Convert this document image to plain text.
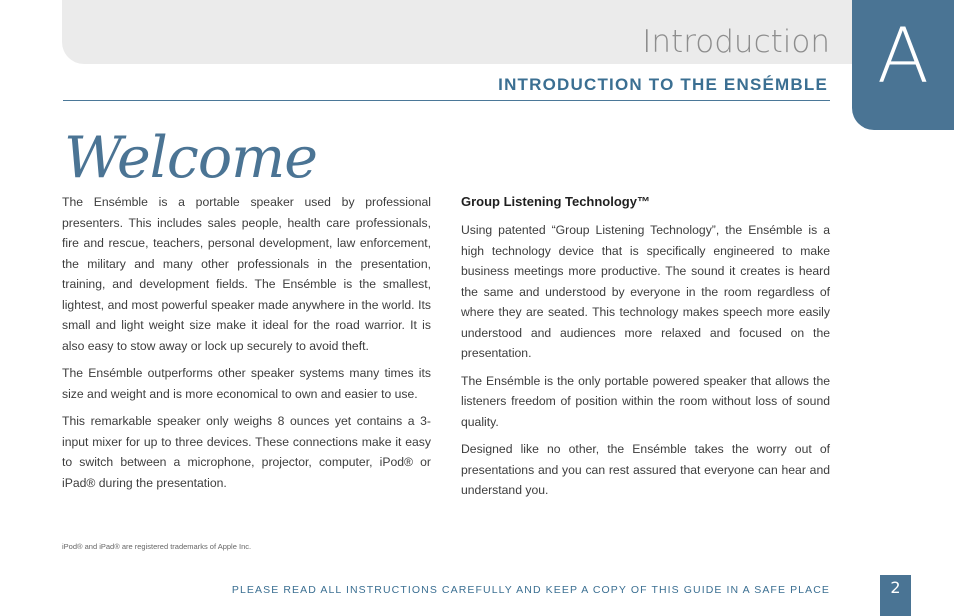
Introduction
INTRODUCTION TO THE ENSÉMBLE A
Welcome

The Ensémble is a portable speaker used by professional presenters. This includes sales people, health care professionals, fire and rescue, teachers, personal development, law enforcement, the military and many other professionals in the presentation, training, and development fields. The Ensémble is the smallest, lightest, and most powerful speaker made anywhere in the world. Its small and light weight size make it ideal for the road warrior. It is also easy to stow away or lock up securely to avoid theft.

The Ensémble outperforms other speaker systems many times its size and weight and is more economical to own and easier to use.

This remarkable speaker only weighs 8 ounces yet contains a 3-input mixer for up to three devices. These connections make it easy to switch between a microphone, projector, computer, iPod® or iPad® during the presentation.

Group Listening Technology™

Using patented “Group Listening Technology”, the Ensémble is a high technology device that is specifically engineered to make business meetings more productive. The sound it creates is heard the same and understood by everyone in the room regardless of where they are seated. This technology makes speech more easily understood and audiences more relaxed and focused on the presentation.

The Ensémble is the only portable powered speaker that allows the listeners freedom of position within the room without loss of sound quality.

Designed like no other, the Ensémble takes the worry out of presentations and you can rest assured that everyone can hear and understand you.

iPod® and iPad® are registered trademarks of Apple Inc.
PLEASE READ ALL INSTRUCTIONS CAREFULLY AND KEEP A COPY OF THIS GUIDE IN A SAFE PLACE	2
